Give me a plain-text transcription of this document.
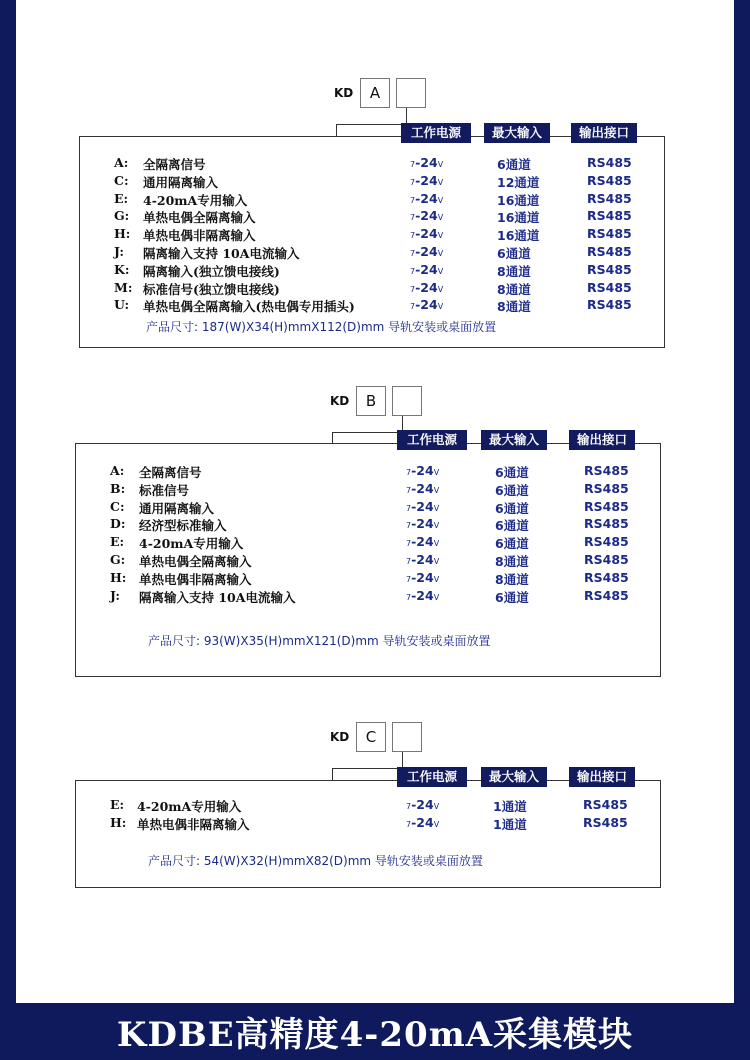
KD	A
工作电源	最大输入	输出接口
A: 全隔离信号	7-24V	6通道	RS485
C: 通用隔离输入	7-24V	12通道	RS485
E: 4-20mA专用输入	7-24V	16通道	RS485
G: 单热电偶全隔离输入	7-24V	16通道	RS485
H: 单热电偶非隔离输入	7-24V	16通道	RS485
J: 隔离输入支持 10A电流输入	7-24V	6通道	RS485
K: 隔离输入(独立馈电接线)	7-24V	8通道	RS485
M: 标准信号(独立馈电接线)	7-24V	8通道	RS485
U: 单热电偶全隔离输入(热电偶专用插头)	7-24V	8通道	RS485
产品尺寸: 187(W)X34(H)mmX112(D)mm 导轨安装或桌面放置
KD	B
工作电源	最大输入	输出接口
A: 全隔离信号	7-24V	6通道	RS485
B: 标准信号	7-24V	6通道	RS485
C: 通用隔离输入	7-24V	6通道	RS485
D: 经济型标准输入	7-24V	6通道	RS485
E: 4-20mA专用输入	7-24V	6通道	RS485
G: 单热电偶全隔离输入	7-24V	8通道	RS485
H: 单热电偶非隔离输入	7-24V	8通道	RS485
J: 隔离输入支持 10A电流输入	7-24V	6通道	RS485
产品尺寸: 93(W)X35(H)mmX121(D)mm 导轨安装或桌面放置
KD	C
工作电源	最大输入	输出接口
E: 4-20mA专用输入	7-24V	1通道	RS485
H: 单热电偶非隔离输入	7-24V	1通道	RS485
产品尺寸: 54(W)X32(H)mmX82(D)mm 导轨安装或桌面放置
KDBE高精度4-20mA采集模块
